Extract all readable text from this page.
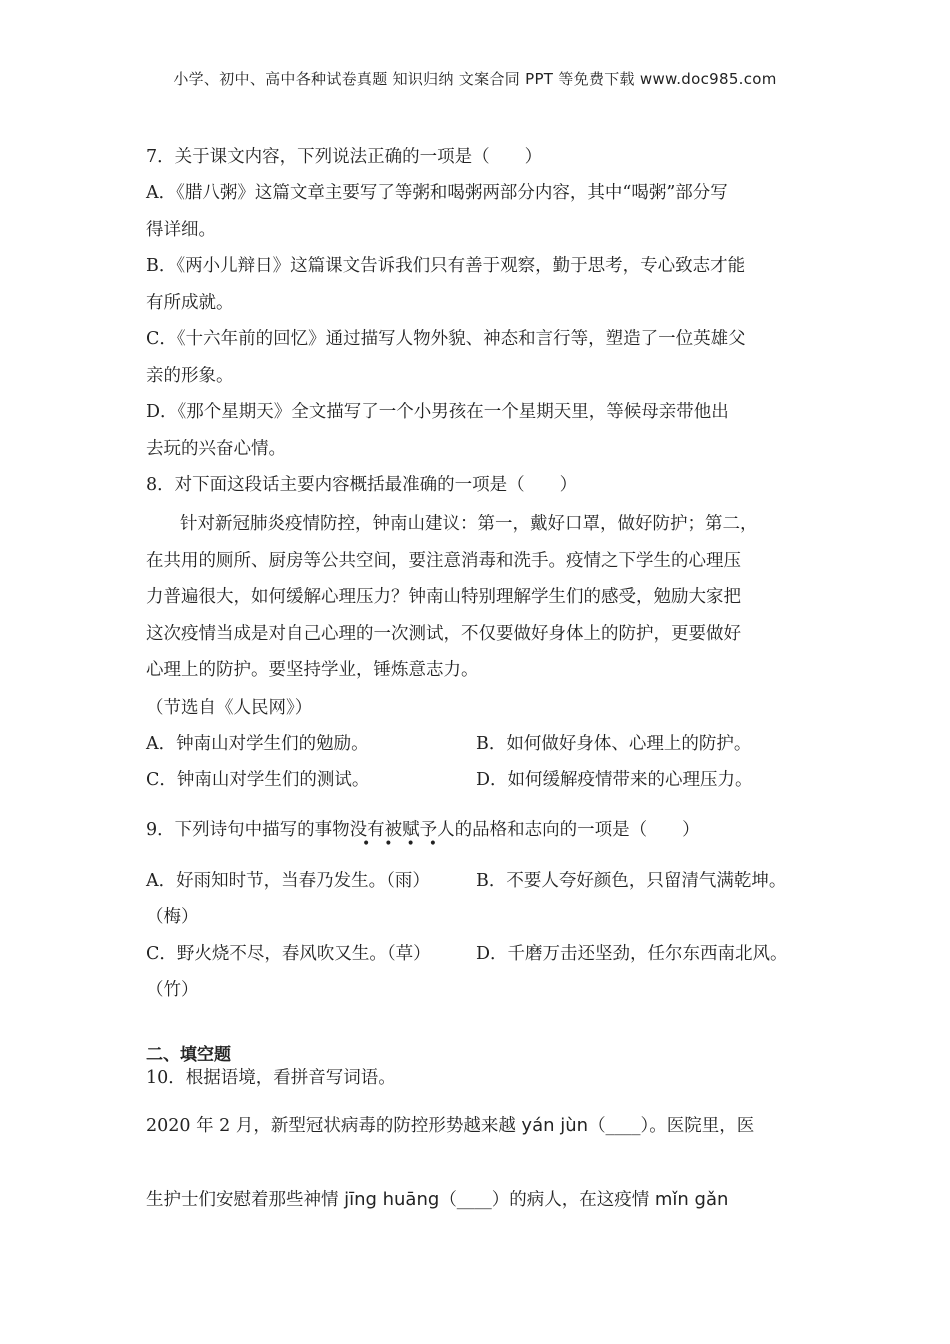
小学、初中、高中各种试卷真题 知识归纳 文案合同 PPT 等免费下载 www.doc985.com
7．关于课文内容，下列说法正确的一项是（　　）
A．《腊八粥》这篇文章主要写了等粥和喝粥两部分内容，其中“喝粥”部分写
得详细。
B．《两小儿辩日》这篇课文告诉我们只有善于观察，勤于思考，专心致志才能
有所成就。
C．《十六年前的回忆》通过描写人物外貌、神态和言行等，塑造了一位英雄父
亲的形象。
D．《那个星期天》全文描写了一个小男孩在一个星期天里，等候母亲带他出
去玩的兴奋心情。
8．对下面这段话主要内容概括最准确的一项是（　　）
针对新冠肺炎疫情防控，钟南山建议：第一，戴好口罩，做好防护；第二，
在共用的厕所、厨房等公共空间，要注意消毒和洗手。疫情之下学生的心理压
力普遍很大，如何缓解心理压力？钟南山特别理解学生们的感受，勉励大家把
这次疫情当成是对自己心理的一次测试，不仅要做好身体上的防护，更要做好
心理上的防护。要坚持学业，锤炼意志力。
（节选自《人民网》）
A．钟南山对学生们的勉励。	B．如何做好身体、心理上的防护。
C．钟南山对学生们的测试。	D．如何缓解疫情带来的心理压力。
9．下列诗句中描写的事物没有被赋予人的品格和志向的一项是（　　）
••••
A．好雨知时节，当春乃发生。（雨）	B．不要人夸好颜色，只留清气满乾坤。
（梅）
C．野火烧不尽，春风吹又生。（草）	D．千磨万击还坚劲，任尔东西南北风。
（竹）
二、填空题
10．根据语境，看拼音写词语。
2020 年 2 月，新型冠状病毒的防控形势越来越 yán jùn（____）。医院里，医
生护士们安慰着那些神情 jīng huāng（____）的病人，在这疫情 mǐn gǎn
